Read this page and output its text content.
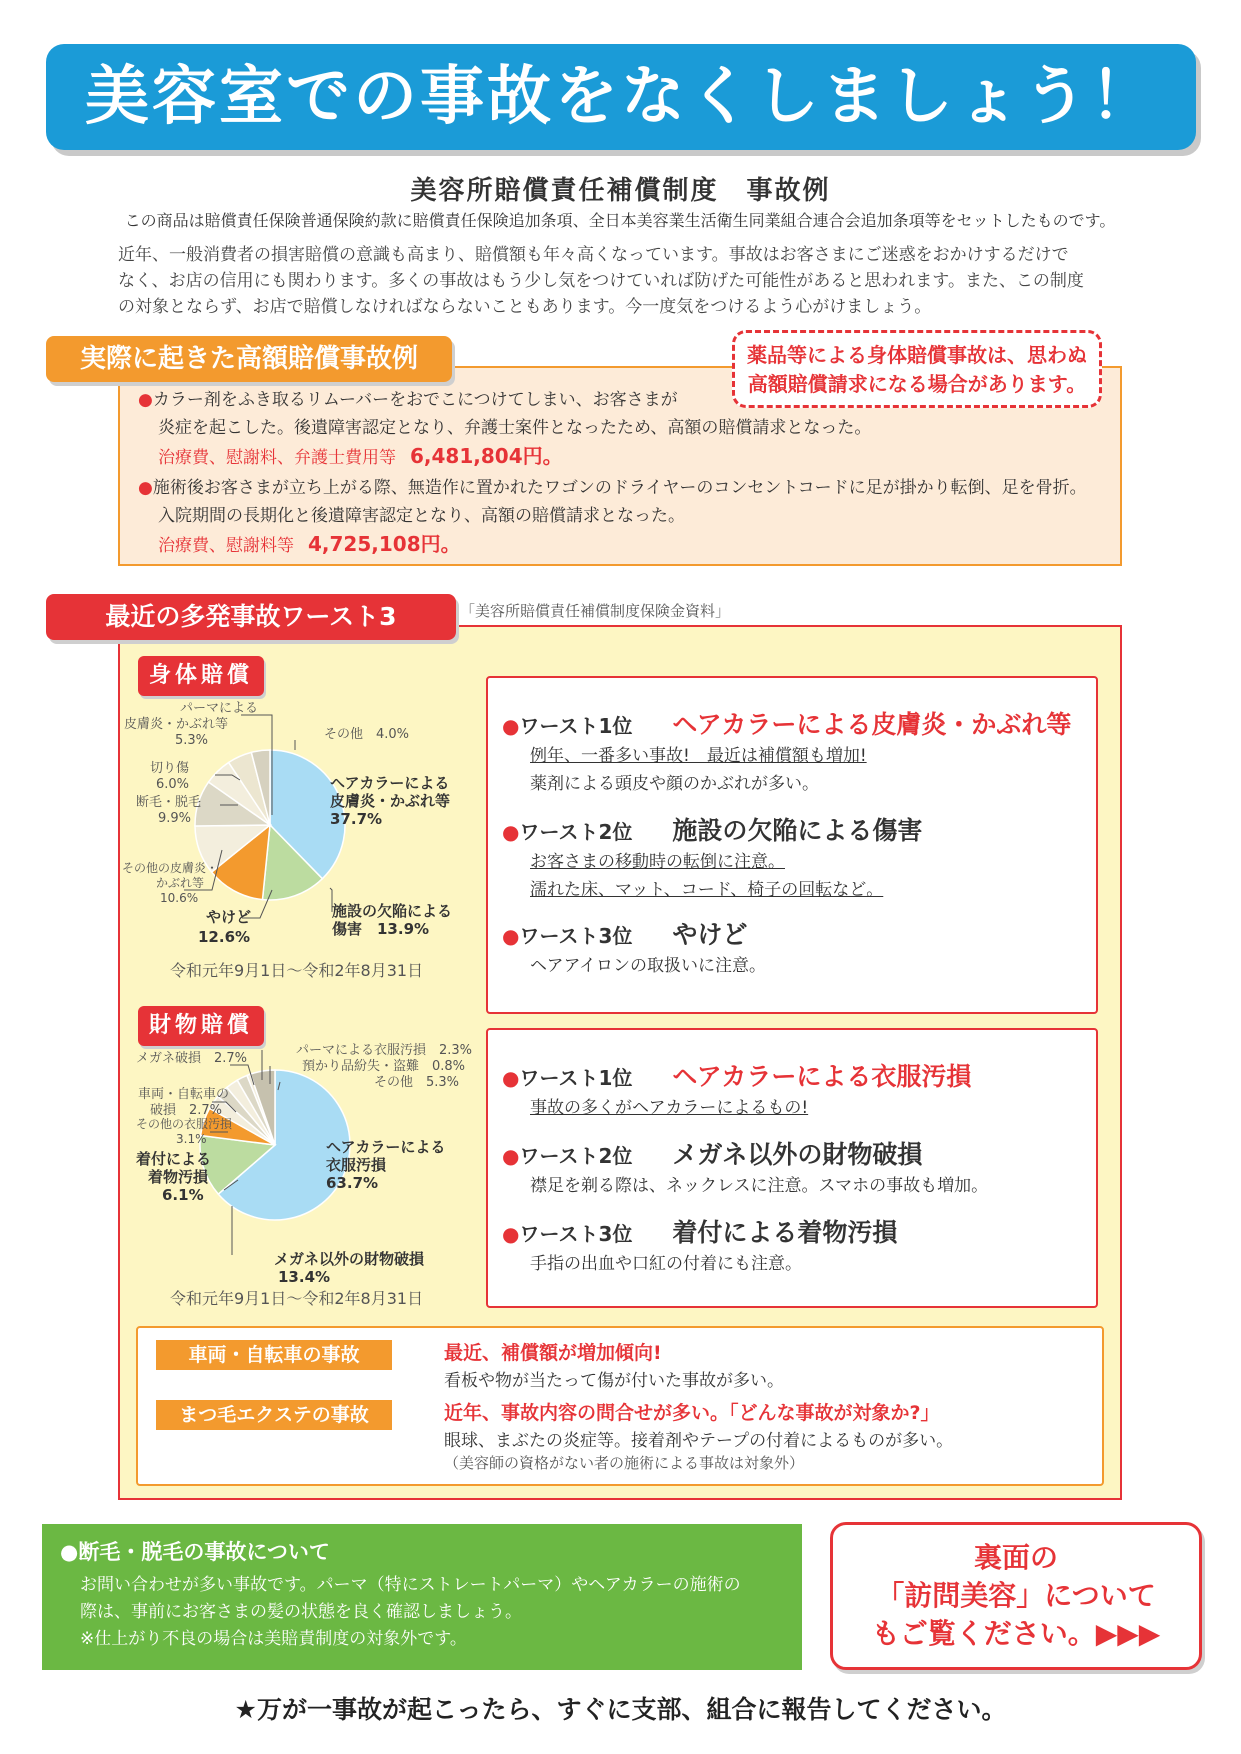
美容室での事故をなくしましょう！
美容所賠償責任補償制度　事故例
この商品は賠償責任保険普通保険約款に賠償責任保険追加条項、全日本美容業生活衛生同業組合連合会追加条項等をセットしたものです。
近年、一般消費者の損害賠償の意識も高まり、賠償額も年々高くなっています。事故はお客さまにご迷惑をおかけするだけで
なく、お店の信用にも関わります。多くの事故はもう少し気をつけていれば防げた可能性があると思われます。また、この制度
の対象とならず、お店で賠償しなければならないこともあります。今一度気をつけるよう心がけましょう。
●カラー剤をふき取るリムーバーをおでこにつけてしまい、お客さまが
炎症を起こした。後遺障害認定となり、弁護士案件となったため、高額の賠償請求となった。
治療費、慰謝料、弁護士費用等 6,481,804円。
●施術後お客さまが立ち上がる際、無造作に置かれたワゴンのドライヤーのコンセントコードに足が掛かり転倒、足を骨折。
入院期間の長期化と後遺障害認定となり、高額の賠償請求となった。
治療費、慰謝料等 4,725,108円。
実際に起きた高額賠償事故例	薬品等による身体賠償事故は、思わぬ
高額賠償請求になる場合があります。
最近の多発事故ワースト3	「美容所賠償責任補償制度保険金資料」
身体賠償
財物賠償
パーマによる皮膚炎・かぶれ等 5.3%	その他　4.0%
切り傷 6.0%
断毛・脱毛 9.9%
その他の皮膚炎・かぶれ等 10.6%
やけど 12.6%
施設の欠陥による傷害　13.9%
ヘアカラーによる皮膚炎・かぶれ等 37.7%
令和元年9月1日～令和2年8月31日
メガネ破損　2.7%
パーマによる衣服汚損　2.3%
預かり品紛失・盗難　0.8%
その他　5.3%
車両・自転車の破損　2.7%
その他の衣服汚損 3.1%
着付による着物汚損 6.1%
ヘアカラーによる衣服汚損 63.7%
メガネ以外の財物破損 13.4%
令和元年9月1日～令和2年8月31日
●ワースト1位 ヘアカラーによる皮膚炎・かぶれ等
例年、一番多い事故!　最近は補償額も増加!
薬剤による頭皮や顔のかぶれが多い。
●ワースト2位 施設の欠陥による傷害
お客さまの移動時の転倒に注意。
濡れた床、マット、コード、椅子の回転など。
●ワースト3位 やけど
ヘアアイロンの取扱いに注意。
●ワースト1位 ヘアカラーによる衣服汚損
事故の多くがヘアカラーによるもの!
●ワースト2位 メガネ以外の財物破損
襟足を剃る際は、ネックレスに注意。スマホの事故も増加。
●ワースト3位 着付による着物汚損
手指の出血や口紅の付着にも注意。
車両・自転車の事故	最近、補償額が増加傾向!
看板や物が当たって傷が付いた事故が多い。
まつ毛エクステの事故	近年、事故内容の問合せが多い。「どんな事故が対象か?」
眼球、まぶたの炎症等。接着剤やテープの付着によるものが多い。
（美容師の資格がない者の施術による事故は対象外）
●断毛・脱毛の事故について
お問い合わせが多い事故です。パーマ（特にストレートパーマ）やヘアカラーの施術の
際は、事前にお客さまの髪の状態を良く確認しましょう。
※仕上がり不良の場合は美賠責制度の対象外です。
裏面の
「訪問美容」について
もご覧ください。▶▶▶
★万が一事故が起こったら、すぐに支部、組合に報告してください。
